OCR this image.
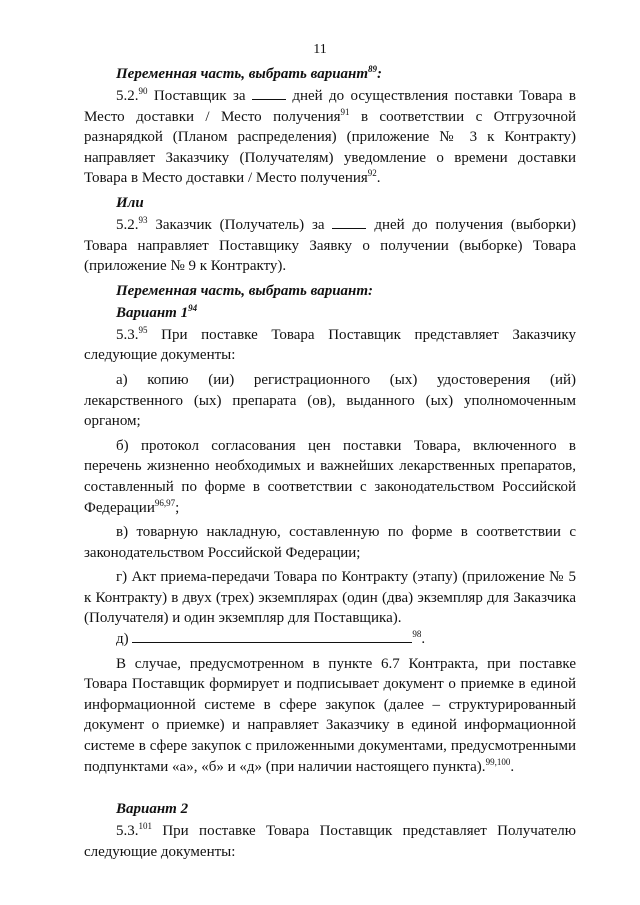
11
Переменная часть, выбрать вариант$^{89}$:

5.2.90 Поставщик за  дней до осуществления поставки Товара в Место доставки / Место получения$^{91}$ в соответствии с Отгрузочной разнарядкой (Планом распределения) (приложение № 3 к Контракту) направляет Заказчику (Получателям) уведомление о времени доставки Товара в Место доставки / Место получения$^{92}$.

Или

5.2.93 Заказчик (Получатель) за  дней до получения (выборки) Товара направляет Поставщику Заявку о получении (выборке) Товара (приложение № 9 к Контракту).

Переменная часть, выбрать вариант:
Вариант $1^{94}$

5.3.95 При поставке Товара Поставщик представляет Заказчику следующие документы:

а) копию (ии) регистрационного (ых) удостоверения (ий) лекарственного (ых) препарата (ов), выданного (ых) уполномоченным органом;

б) протокол согласования цен поставки Товара, включенного в перечень жизненно необходимых и важнейших лекарственных препаратов, составленный по форме в соответствии с законодательством Российской Федерации$^{96,97}$;

в) товарную накладную, составленную по форме в соответствии с законодательством Российской Федерации;

г) Акт приема-передачи Товара по Контракту (этапу) (приложение № 5 к Контракту) в двух (трех) экземплярах (один (два) экземпляр для Заказчика (Получателя) и один экземпляр для Поставщика).

д)	$^{98}$.

В случае, предусмотренном в пункте 6.7 Контракта, при поставке Товара Поставщик формирует и подписывает документ о приемке в единой информационной системе в сфере закупок (далее – структурированный документ о приемке) и направляет Заказчику в единой информационной системе в сфере закупок с приложенными документами, предусмотренными подпунктами «а», «б» и «д» (при наличии настоящего пункта).$^{99,100}$.

Вариант 2

5.3.$^{101}$ При поставке Товара Поставщик представляет Получателю следующие документы:
